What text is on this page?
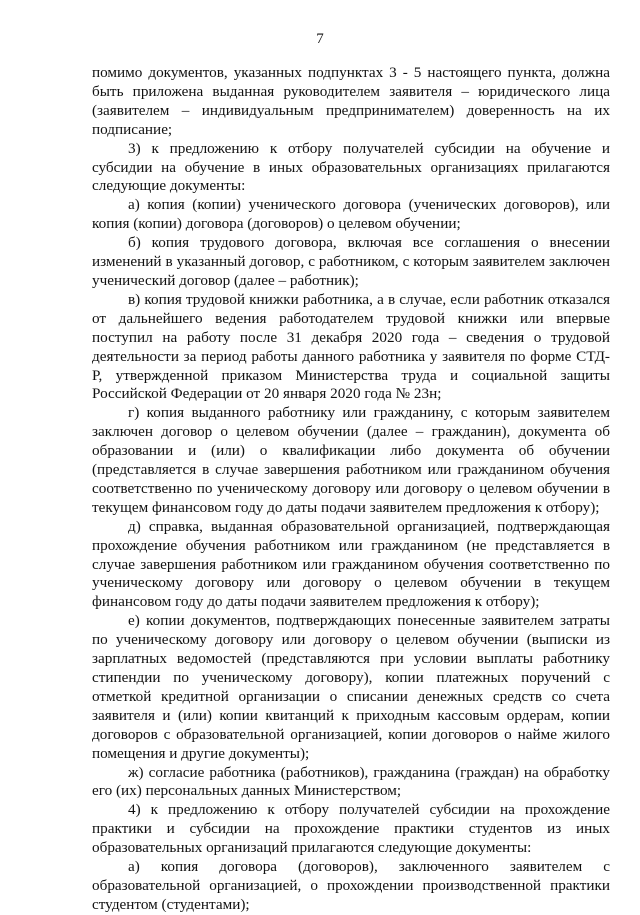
7

помимо документов, указанных подпунктах 3 - 5 настоящего пункта, должна быть приложена выданная руководителем заявителя – юридического лица (заявителем – индивидуальным предпринимателем) доверенность на их подписание;

3) к предложению к отбору получателей субсидии на обучение и субсидии на обучение в иных образовательных организациях прилагаются следующие документы:

а) копия (копии) ученического договора (ученических договоров), или копия (копии) договора (договоров) о целевом обучении;

б) копия трудового договора, включая все соглашения о внесении изменений в указанный договор, с работником, с которым заявителем заключен ученический договор (далее – работник);

в) копия трудовой книжки работника, а в случае, если работник отказался от дальнейшего ведения работодателем трудовой книжки или впервые поступил на работу после 31 декабря 2020 года – сведения о трудовой деятельности за период работы данного работника у заявителя по форме СТД-Р, утвержденной приказом Министерства труда и социальной защиты Российской Федерации от 20 января 2020 года № 23н;

г) копия выданного работнику или гражданину, с которым заявителем заключен договор о целевом обучении (далее – гражданин), документа об образовании и (или) о квалификации либо документа об обучении (представляется в случае завершения работником или гражданином обучения соответственно по ученическому договору или договору о целевом обучении в текущем финансовом году до даты подачи заявителем предложения к отбору);

д) справка, выданная образовательной организацией, подтверждающая прохождение обучения работником или гражданином (не представляется в случае завершения работником или гражданином обучения соответственно по ученическому договору или договору о целевом обучении в текущем финансовом году до даты подачи заявителем предложения к отбору);

е) копии документов, подтверждающих понесенные заявителем затраты по ученическому договору или договору о целевом обучении (выписки из зарплатных ведомостей (представляются при условии выплаты работнику стипендии по ученическому договору), копии платежных поручений с отметкой кредитной организации о списании денежных средств со счета заявителя и (или) копии квитанций к приходным кассовым ордерам, копии договоров с образовательной организацией, копии договоров о найме жилого помещения и другие документы);

ж) согласие работника (работников), гражданина (граждан) на обработку его (их) персональных данных Министерством;

4) к предложению к отбору получателей субсидии на прохождение практики и субсидии на прохождение практики студентов из иных образовательных организаций прилагаются следующие документы:

а) копия договора (договоров), заключенного заявителем с образовательной организацией, о прохождении производственной практики студентом (студентами);
